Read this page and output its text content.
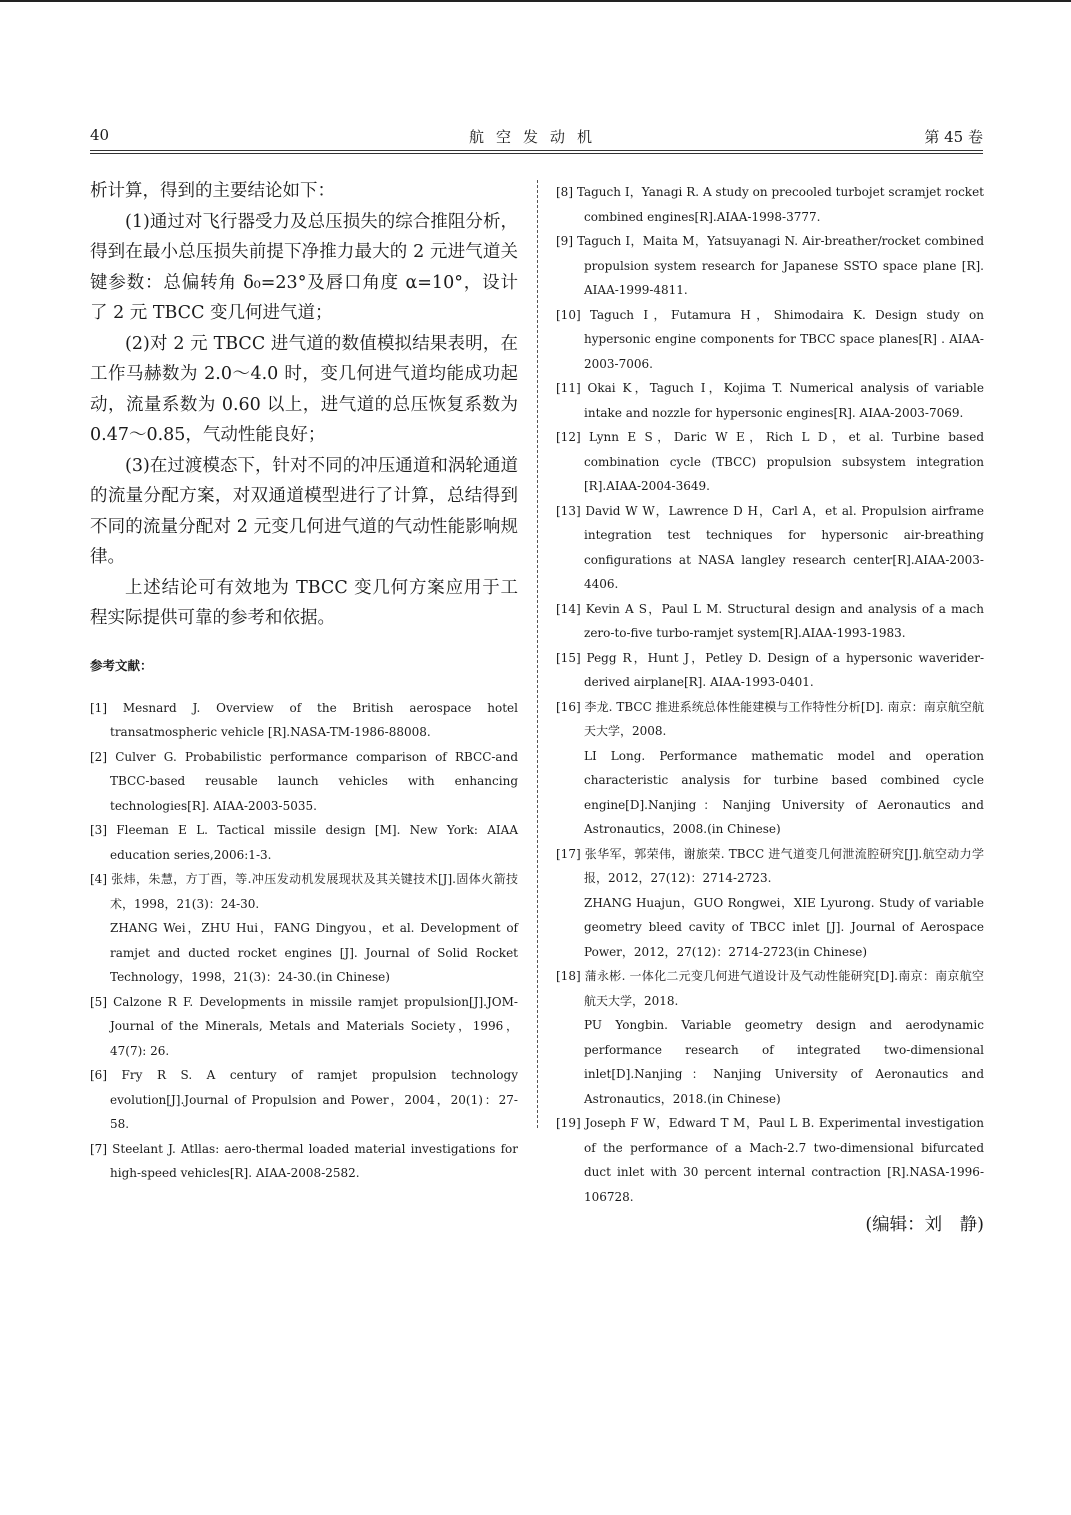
40	航空发动机	第 45 卷

析计算，得到的主要结论如下：

(1)通过对飞行器受力及总压损失的综合推阻分析，得到在最小总压损失前提下净推力最大的 2 元进气道关键参数：总偏转角 δ₀=23°及唇口角度 α=10°，设计了 2 元 TBCC 变几何进气道；

(2)对 2 元 TBCC 进气道的数值模拟结果表明，在工作马赫数为 2.0～4.0 时，变几何进气道均能成功起动，流量系数为 0.60 以上，进气道的总压恢复系数为 0.47～0.85，气动性能良好；

(3)在过渡模态下，针对不同的冲压通道和涡轮通道的流量分配方案，对双通道模型进行了计算，总结得到不同的流量分配对 2 元变几何进气道的气动性能影响规律。

上述结论可有效地为 TBCC 变几何方案应用于工程实际提供可靠的参考和依据。

参考文献：

[1] Mesnard J. Overview of the British aerospace hotel transatmospheric vehicle [R].NASA-TM-1986-88008.

[2] Culver G. Probabilistic performance comparison of RBCC-and TBCC-based reusable launch vehicles with enhancing technologies[R]. AIAA-2003-5035.

[3] Fleeman E L. Tactical missile design [M]. New York: AIAA education series,2006:1-3.

[4] 张炜，朱慧，方丁酉，等.冲压发动机发展现状及其关键技术[J].固体火箭技术，1998，21(3)：24-30.

ZHANG Wei，ZHU Hui，FANG Dingyou，et al. Development of ramjet and ducted rocket engines [J]. Journal of Solid Rocket Technology，1998，21(3)：24-30.(in Chinese)

[5] Calzone R F. Developments in missile ramjet propulsion[J].JOM-Journal of the Minerals, Metals and Materials Society，1996，47(7): 26.

[6] Fry R S. A century of ramjet propulsion technology evolution[J].Journal of Propulsion and Power，2004，20(1)：27-58.

[7] Steelant J. Atllas: aero-thermal loaded material investigations for high-speed vehicles[R]. AIAA-2008-2582.

[8] Taguch I，Yanagi R. A study on precooled turbojet scramjet rocket combined engines[R].AIAA-1998-3777.

[9] Taguch I，Maita M，Yatsuyanagi N. Air-breather/rocket combined propulsion system research for Japanese SSTO space plane [R]. AIAA-1999-4811.

[10] Taguch I，Futamura H，Shimodaira K. Design study on hypersonic engine components for TBCC space planes[R] . AIAA-2003-7006.

[11] Okai K，Taguch I，Kojima T. Numerical analysis of variable intake and nozzle for hypersonic engines[R]. AIAA-2003-7069.

[12] Lynn E S，Daric W E，Rich L D，et al. Turbine based combination cycle (TBCC) propulsion subsystem integration [R].AIAA-2004-3649.

[13] David W W，Lawrence D H，Carl A，et al. Propulsion airframe integration test techniques for hypersonic air-breathing configurations at NASA langley research center[R].AIAA-2003-4406.

[14] Kevin A S，Paul L M. Structural design and analysis of a mach zero-to-five turbo-ramjet system[R].AIAA-1993-1983.

[15] Pegg R，Hunt J，Petley D. Design of a hypersonic waverider-derived airplane[R]. AIAA-1993-0401.

[16] 李龙. TBCC 推进系统总体性能建模与工作特性分析[D]. 南京：南京航空航天大学，2008.

LI Long. Performance mathematic model and operation characteristic analysis for turbine based combined cycle engine[D].Nanjing：Nanjing University of Aeronautics and Astronautics，2008.(in Chinese)

[17] 张华军，郭荣伟，谢旅荣. TBCC 进气道变几何泄流腔研究[J].航空动力学报，2012，27(12)：2714-2723.

ZHANG Huajun，GUO Rongwei，XIE Lyurong. Study of variable geometry bleed cavity of TBCC inlet [J]. Journal of Aerospace Power，2012，27(12)：2714-2723(in Chinese)

[18] 蒲永彬. 一体化二元变几何进气道设计及气动性能研究[D].南京：南京航空航天大学，2018.

PU Yongbin. Variable geometry design and aerodynamic performance research of integrated two-dimensional inlet[D].Nanjing：Nanjing University of Aeronautics and Astronautics，2018.(in Chinese)

[19] Joseph F W，Edward T M，Paul L B. Experimental investigation of the performance of a Mach-2.7 two-dimensional bifurcated duct inlet with 30 percent internal contraction [R].NASA-1996-106728.

(编辑：刘　静)
